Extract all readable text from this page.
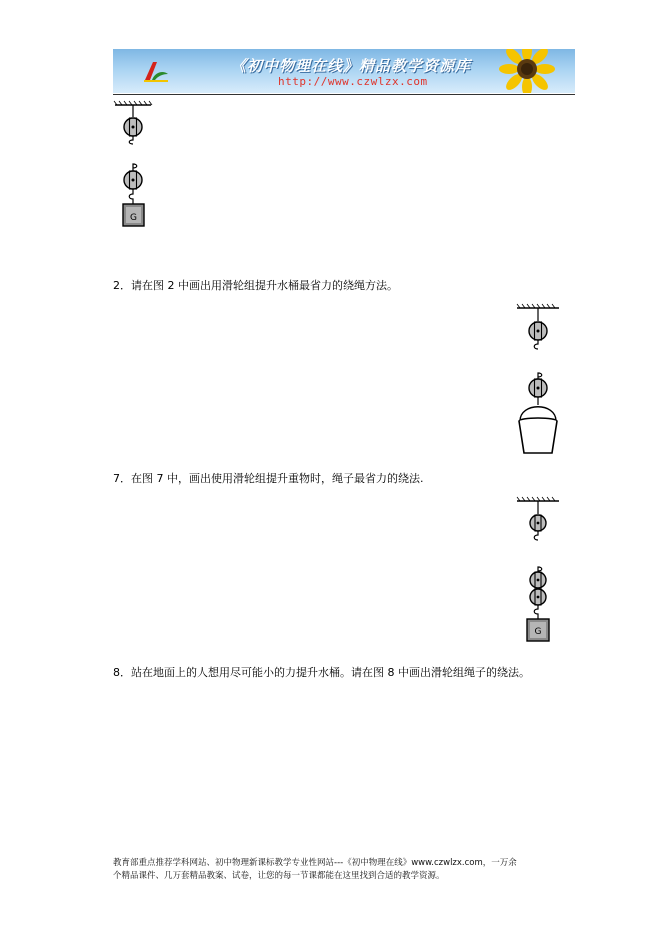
《初中物理在线》精品教学资源库
http://www.czwlzx.com
G
2．请在图 2 中画出用滑轮组提升水桶最省力的绕绳方法。
7．在图 7 中，画出使用滑轮组提升重物时，绳子最省力的绕法.
G
8．站在地面上的人想用尽可能小的力提升水桶。请在图 8 中画出滑轮组绳子的绕法。
教育部重点推荐学科网站、初中物理新课标教学专业性网站---《初中物理在线》www.czwlzx.com，一万余
个精品课件、几万套精品教案、试卷，让您的每一节课都能在这里找到合适的教学资源。
